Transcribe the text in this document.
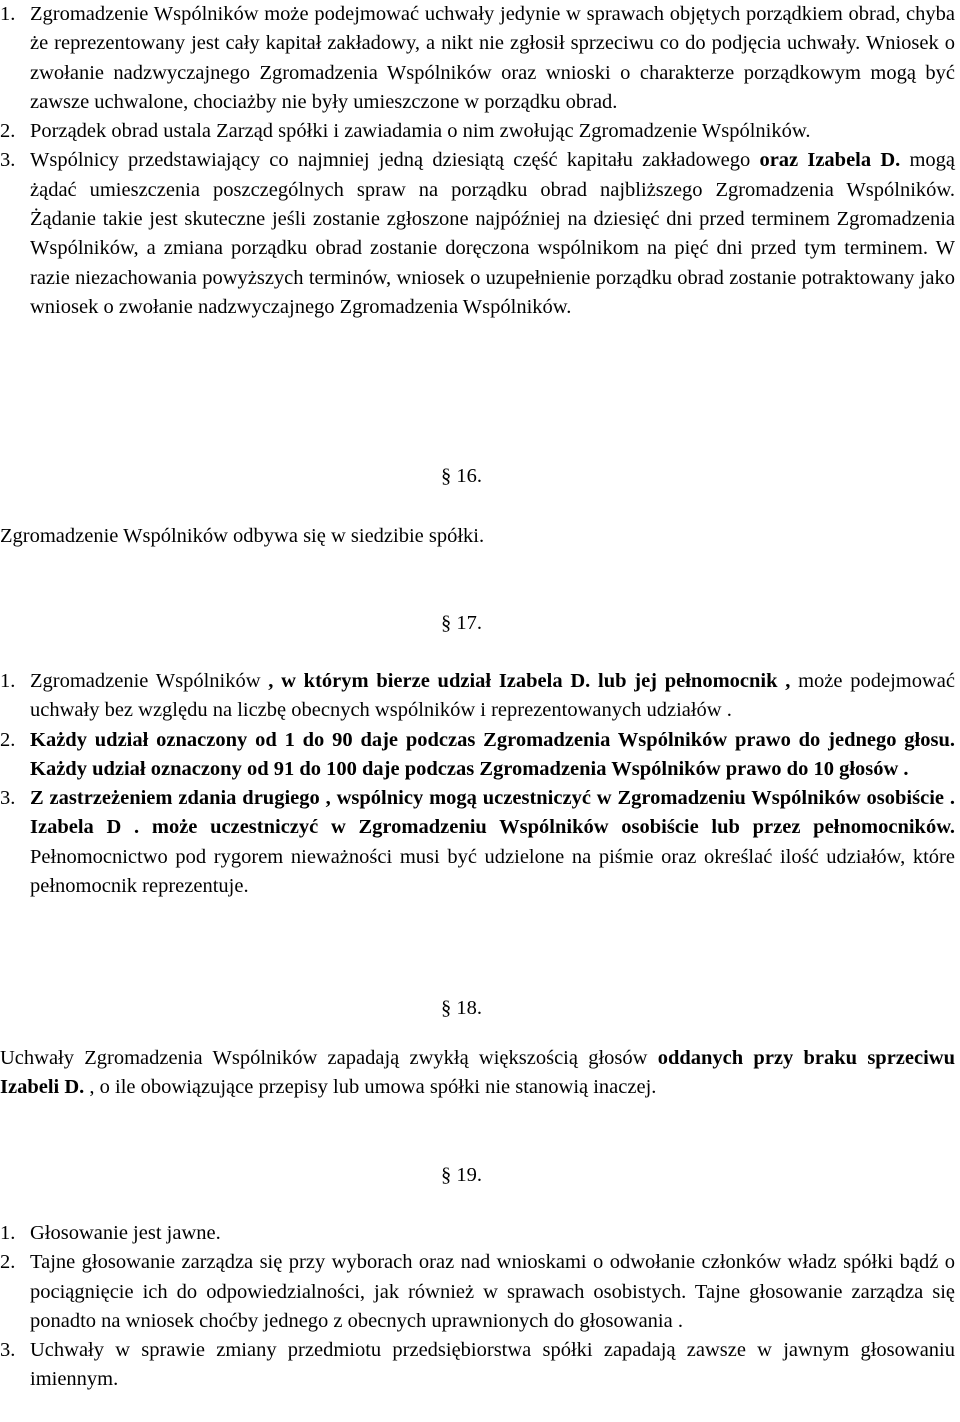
1. Zgromadzenie Wspólników może podejmować uchwały jedynie w sprawach objętych porządkiem obrad, chyba że reprezentowany jest cały kapitał zakładowy, a nikt nie zgłosił sprzeciwu co do podjęcia uchwały. Wniosek o zwołanie nadzwyczajnego Zgromadzenia Wspólników oraz wnioski o charakterze porządkowym mogą być zawsze uchwalone, chociażby nie były umieszczone w porządku obrad.
2. Porządek obrad ustala Zarząd spółki i zawiadamia o nim zwołując Zgromadzenie Wspólników.
3. Wspólnicy przedstawiający co najmniej jedną dziesiątą część kapitału zakładowego oraz Izabela D. mogą żądać umieszczenia poszczególnych spraw na porządku obrad najbliższego Zgromadzenia Wspólników. Żądanie takie jest skuteczne jeśli zostanie zgłoszone najpóźniej na dziesięć dni przed terminem Zgromadzenia Wspólników, a zmiana porządku obrad zostanie doręczona wspólnikom na pięć dni przed tym terminem. W razie niezachowania powyższych terminów, wniosek o uzupełnienie porządku obrad zostanie potraktowany jako wniosek o zwołanie nadzwyczajnego Zgromadzenia Wspólników.
§ 16.
Zgromadzenie Wspólników odbywa się w siedzibie spółki.
§ 17.
1. Zgromadzenie Wspólników , w którym bierze udział Izabela D. lub jej pełnomocnik , może podejmować uchwały bez względu na liczbę obecnych wspólników i reprezentowanych udziałów .
2. Każdy udział oznaczony od 1 do 90 daje podczas Zgromadzenia Wspólników prawo do jednego głosu. Każdy udział oznaczony od 91 do 100 daje podczas Zgromadzenia Wspólników prawo do 10 głosów .
3. Z zastrzeżeniem zdania drugiego , wspólnicy mogą uczestniczyć w Zgromadzeniu Wspólników osobiście . Izabela D . może uczestniczyć w Zgromadzeniu Wspólników osobiście lub przez pełnomocników. Pełnomocnictwo pod rygorem nieważności musi być udzielone na piśmie oraz określać ilość udziałów, które pełnomocnik reprezentuje.
§ 18.
Uchwały Zgromadzenia Wspólników zapadają zwykłą większością głosów oddanych przy braku sprzeciwu Izabeli D. , o ile obowiązujące przepisy lub umowa spółki nie stanowią inaczej.
§ 19.
1. Głosowanie jest jawne.
2. Tajne głosowanie zarządza się przy wyborach oraz nad wnioskami o odwołanie członków władz spółki bądź o pociągnięcie ich do odpowiedzialności, jak również w sprawach osobistych. Tajne głosowanie zarządza się ponadto na wniosek choćby jednego z obecnych uprawnionych do głosowania .
3. Uchwały w sprawie zmiany przedmiotu przedsiębiorstwa spółki zapadają zawsze w jawnym głosowaniu imiennym.
